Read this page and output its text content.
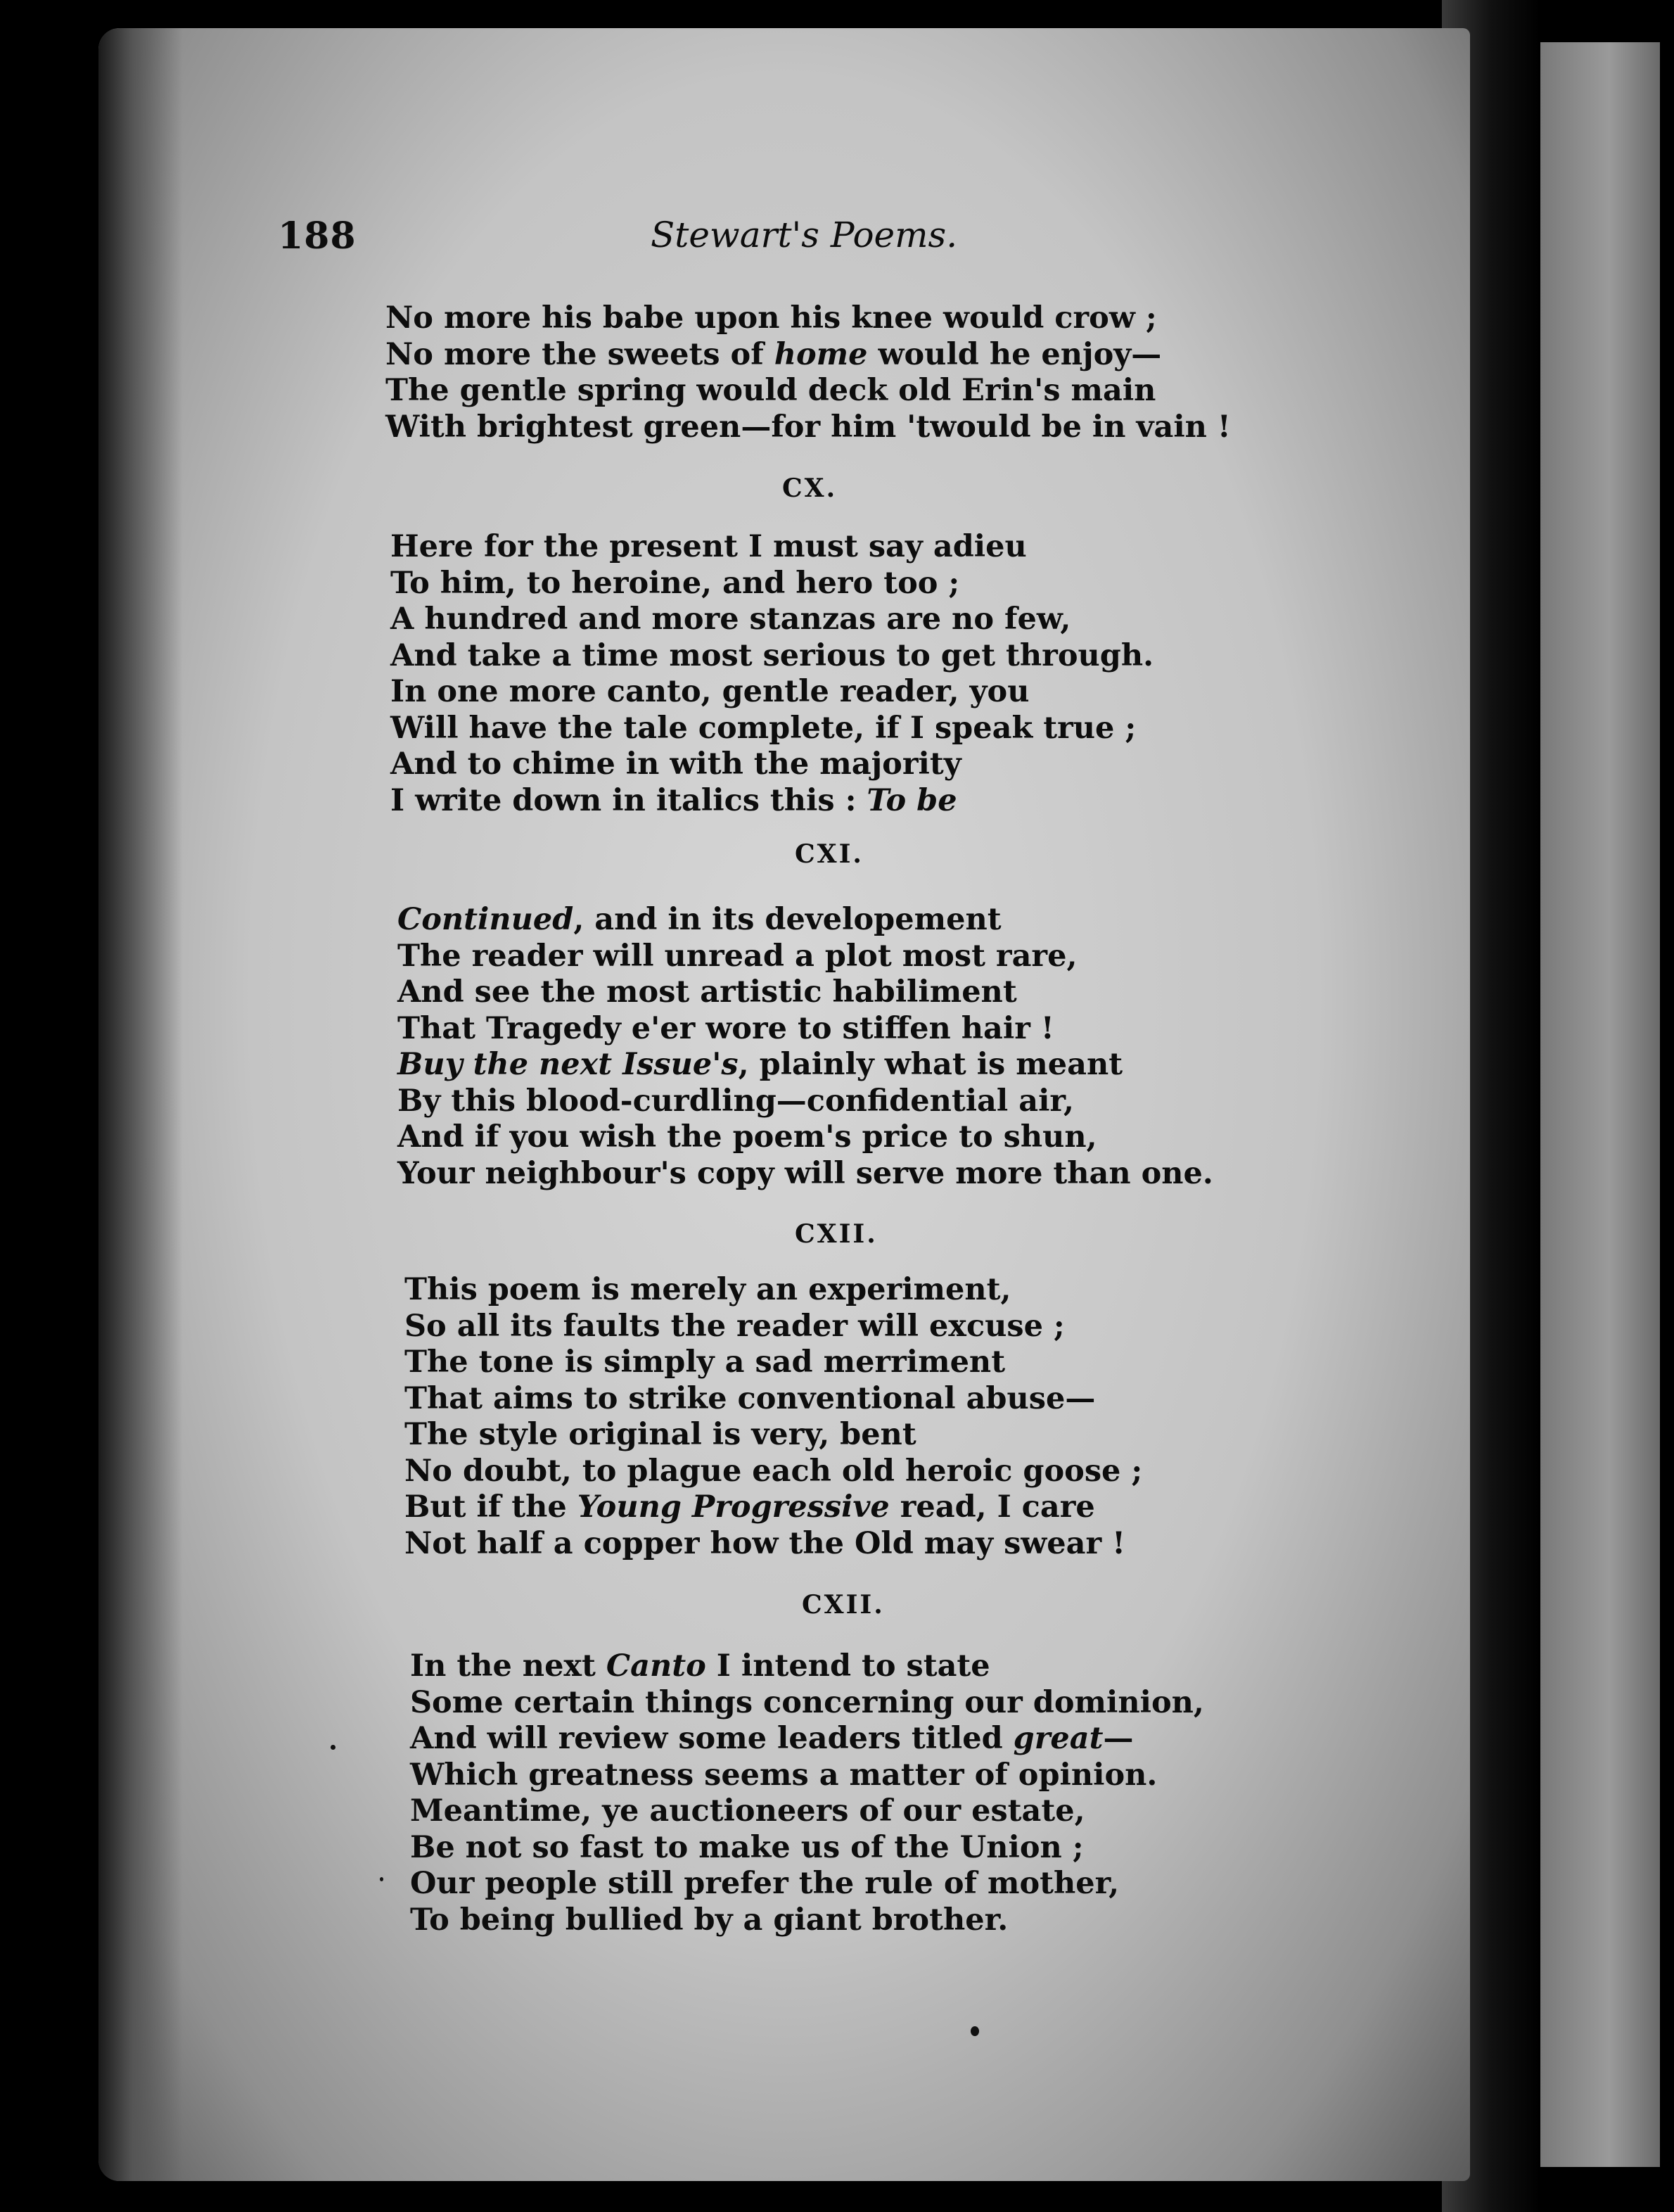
188	Stewart's Poems.
No more his babe upon his knee would crow ;
No more the sweets of home would he enjoy—
The gentle spring would deck old Erin's main
With brightest green—for him 'twould be in vain !
CX.
Here for the present I must say adieu
To him, to heroine, and hero too ;
A hundred and more stanzas are no few,
And take a time most serious to get through.
In one more canto, gentle reader, you
Will have the tale complete, if I speak true ;
And to chime in with the majority
I write down in italics this : To be
CXI.
Continued, and in its developement
The reader will unread a plot most rare,
And see the most artistic habiliment
That Tragedy e'er wore to stiffen hair !
Buy the next Issue's, plainly what is meant
By this blood-curdling—confidential air,
And if you wish the poem's price to shun,
Your neighbour's copy will serve more than one.
CXII.
This poem is merely an experiment,
So all its faults the reader will excuse ;
The tone is simply a sad merriment
That aims to strike conventional abuse—
The style original is very, bent
No doubt, to plague each old heroic goose ;
But if the Young Progressive read, I care
Not half a copper how the Old may swear !
CXII.
In the next Canto I intend to state
Some certain things concerning our dominion,
And will review some leaders titled great—
Which greatness seems a matter of opinion.
Meantime, ye auctioneers of our estate,
Be not so fast to make us of the Union ;
Our people still prefer the rule of mother,
To being bullied by a giant brother.
